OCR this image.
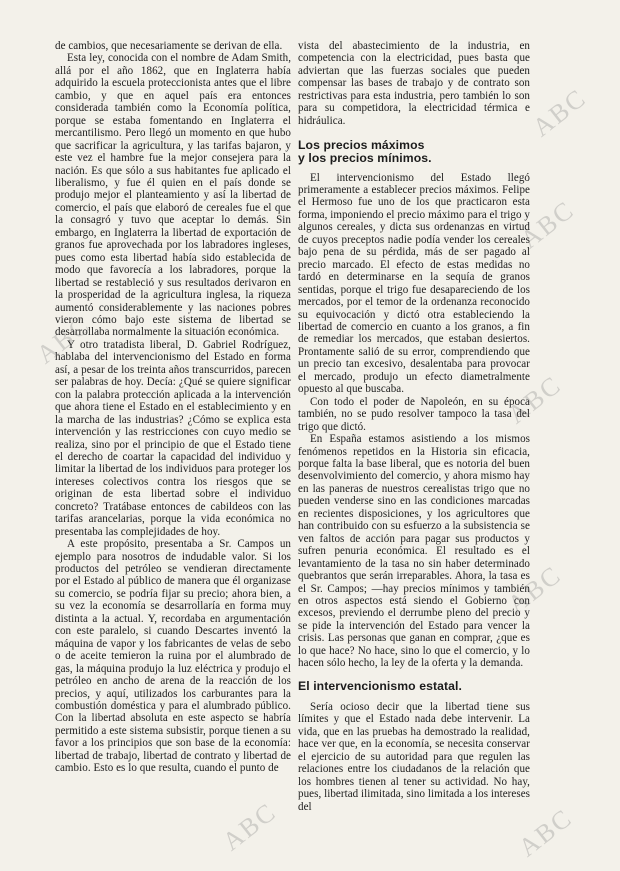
de cambios, que necesariamente se derivan de ella.

Esta ley, conocida con el nombre de Adam Smith, allá por el año 1862, que en Inglaterra había adquirido la escuela proteccionista antes que el libre cambio, y que en aquel país era entonces considerada también como la Economía política, porque se estaba fomentando en Inglaterra el mercantilismo. Pero llegó un momento en que hubo que sacrificar la agricultura, y las tarifas bajaron, y este vez el hambre fue la mejor consejera para la nación. Es que sólo a sus habitantes fue aplicado el liberalismo, y fue él quien en el país donde se produjo mejor el planteamiento y así la libertad de comercio, el país que elaboró de cereales fue el que la consagró y tuvo que aceptar lo demás. Sin embargo, en Inglaterra la libertad de exportación de granos fue aprovechada por los labradores ingleses, pues como esta libertad había sido establecida de modo que favorecía a los labradores, porque la libertad se restableció y sus resultados derivaron en la prosperidad de la agricultura inglesa, la riqueza aumentó considerablemente y las naciones pobres vieron cómo bajo este sistema de libertad se desarrollaba normalmente la situación económica.

Y otro tratadista liberal, D. Gabriel Rodríguez, hablaba del intervencionismo del Estado en forma así, a pesar de los treinta años transcurridos, parecen ser palabras de hoy. Decía: ¿Qué se quiere significar con la palabra protección aplicada a la intervención que ahora tiene el Estado en el establecimiento y en la marcha de las industrias? ¿Cómo se explica esta intervención y las restricciones con cuyo medio se realiza, sino por el principio de que el Estado tiene el derecho de coartar la capacidad del individuo y limitar la libertad de los individuos para proteger los intereses colectivos contra los riesgos que se originan de esta libertad sobre el individuo concreto? Tratábase entonces de cabildeos con las tarifas arancelarias, porque la vida económica no presentaba las complejidades de hoy.

A este propósito, presentaba a Sr. Campos un ejemplo para nosotros de indudable valor. Si los productos del petróleo se vendieran directamente por el Estado al público de manera que él organizase su comercio, se podría fijar su precio; ahora bien, a su vez la economía se desarrollaría en forma muy distinta a la actual. Y, recordaba en argumentación con este paralelo, si cuando Descartes inventó la máquina de vapor y los fabricantes de velas de sebo o de aceite temieron la ruina por el alumbrado de gas, la máquina produjo la luz eléctrica y produjo el petróleo en ancho de arena de la reacción de los precios, y aquí, utilizados los carburantes para la combustión doméstica y para el alumbrado público. Con la libertad absoluta en este aspecto se habría permitido a este sistema subsistir, porque tienen a su favor a los principios que son base de la economía: libertad de trabajo, libertad de contrato y libertad de cambio. Esto es lo que resulta, cuando el punto de

vista del abastecimiento de la industria, en competencia con la electricidad, pues basta que adviertan que las fuerzas sociales que pueden compensar las bases de trabajo y de contrato son restrictivas para esta industria, pero también lo son para su competidora, la electricidad térmica e hidráulica.

Los precios máximos
y los precios mínimos.

El intervencionismo del Estado llegó primeramente a establecer precios máximos. Felipe el Hermoso fue uno de los que practicaron esta forma, imponiendo el precio máximo para el trigo y algunos cereales, y dicta sus ordenanzas en virtud de cuyos preceptos nadie podía vender los cereales bajo pena de su pérdida, más de ser pagado al precio marcado. El efecto de estas medidas no tardó en determinarse en la sequía de granos sentidas, porque el trigo fue desapareciendo de los mercados, por el temor de la ordenanza reconocido su equivocación y dictó otra estableciendo la libertad de comercio en cuanto a los granos, a fin de remediar los mercados, que estaban desiertos. Prontamente salió de su error, comprendiendo que un precio tan excesivo, desalentaba para provocar el mercado, produjo un efecto diametralmente opuesto al que buscaba.

Con todo el poder de Napoleón, en su época también, no se pudo resolver tampoco la tasa del trigo que dictó.

En España estamos asistiendo a los mismos fenómenos repetidos en la Historia sin eficacia, porque falta la base liberal, que es notoria del buen desenvolvimiento del comercio, y ahora mismo hay en las paneras de nuestros cerealistas trigo que no pueden venderse sino en las condiciones marcadas en recientes disposiciones, y los agricultores que han contribuido con su esfuerzo a la subsistencia se ven faltos de acción para pagar sus productos y sufren penuria económica. El resultado es el levantamiento de la tasa no sin haber determinado quebrantos que serán irreparables. Ahora, la tasa es el Sr. Campos; —hay precios mínimos y también en otros aspectos está siendo el Gobierno con excesos, previendo el derrumbe pleno del precio y se pide la intervención del Estado para vencer la crisis. Las personas que ganan en comprar, ¿que es lo que hace? No hace, sino lo que el comercio, y lo hacen sólo hecho, la ley de la oferta y la demanda.

El intervencionismo estatal.

Sería ocioso decir que la libertad tiene sus límites y que el Estado nada debe intervenir. La vida, que en las pruebas ha demostrado la realidad, hace ver que, en la economía, se necesita conservar el ejercicio de su autoridad para que regulen las relaciones entre los ciudadanos de la relación que los hombres tienen al tener su actividad. No hay, pues, libertad ilimitada, sino limitada a los intereses del

ABC
ABC
ABC
ABC
ABC	ABC
ABC
